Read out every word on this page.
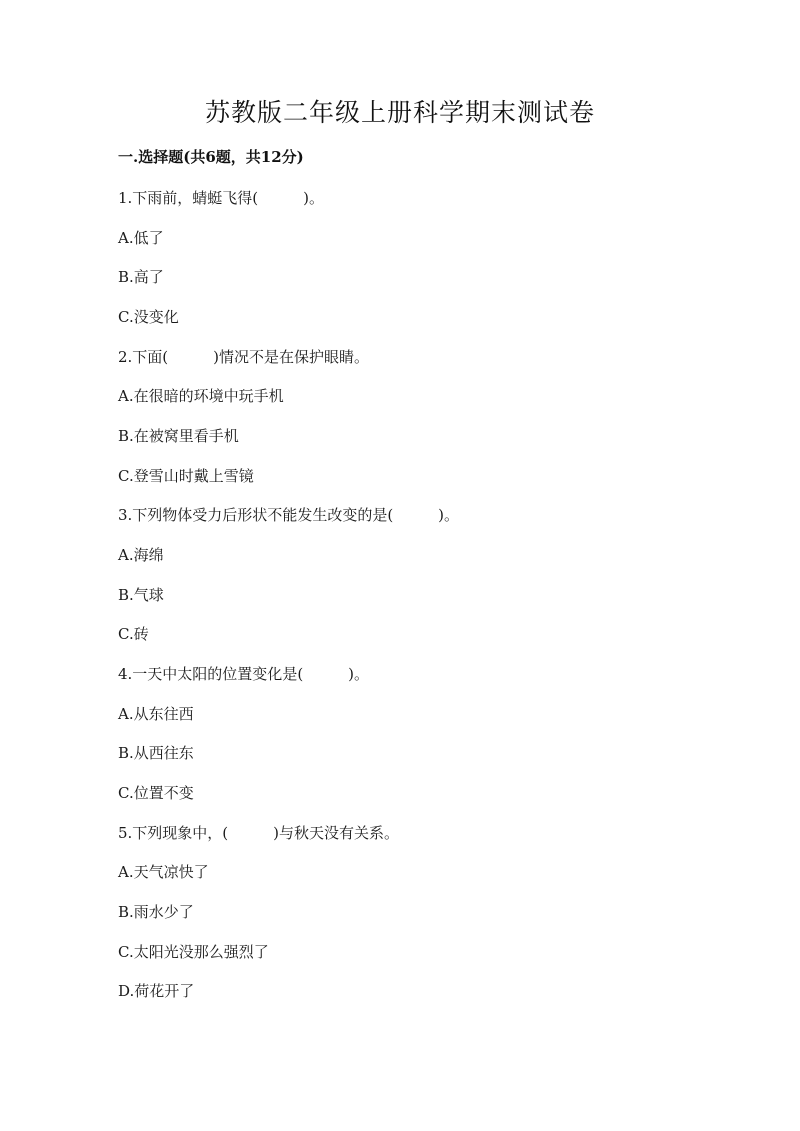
苏教版二年级上册科学期末测试卷
一.选择题(共6题，共12分)
1.下雨前，蜻蜓飞得(　　　)。
A.低了
B.高了
C.没变化
2.下面(　　　)情况不是在保护眼睛。
A.在很暗的环境中玩手机
B.在被窝里看手机
C.登雪山时戴上雪镜
3.下列物体受力后形状不能发生改变的是(　　　)。
A.海绵
B.气球
C.砖
4.一天中太阳的位置变化是(　　　)。
A.从东往西
B.从西往东
C.位置不变
5.下列现象中，(　　　)与秋天没有关系。
A.天气凉快了
B.雨水少了
C.太阳光没那么强烈了
D.荷花开了
